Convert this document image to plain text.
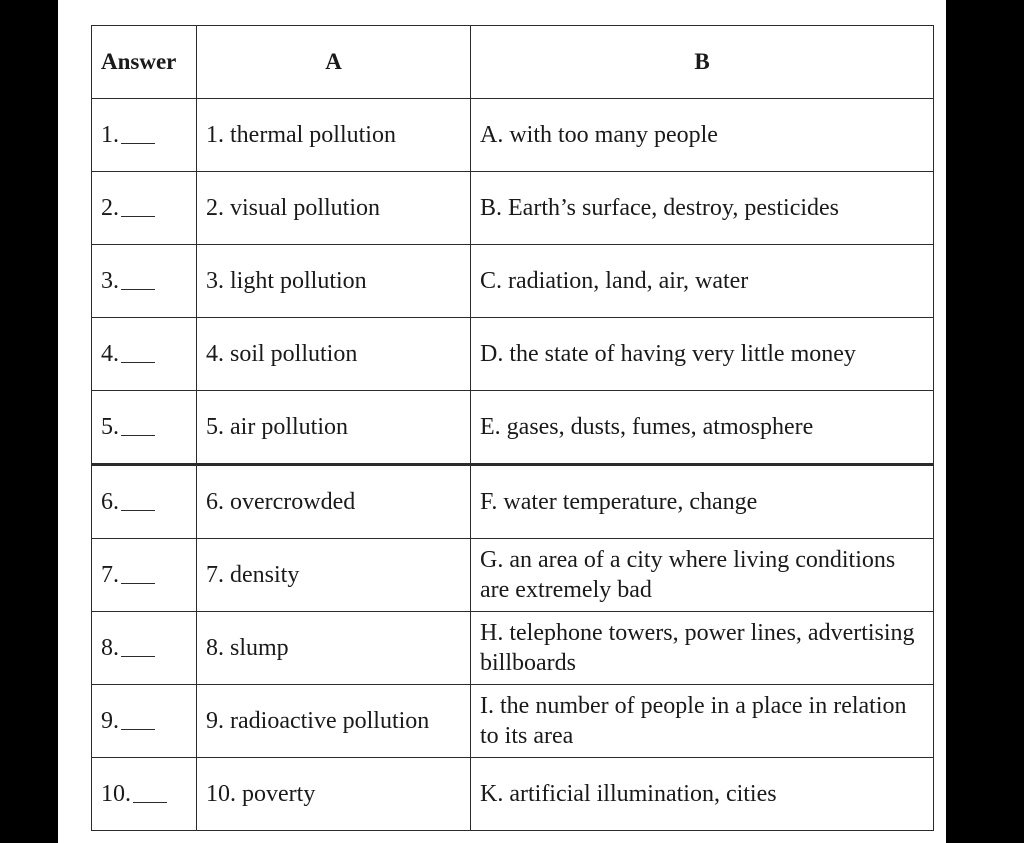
Answer	A	B
1.	1. thermal pollution	A. with too many people
2.	2. visual pollution	B. Earth’s surface, destroy, pesticides
3.	3. light pollution	C. radiation, land, air, water
4.	4. soil pollution	D. the state of having very little money
5.	5. air pollution	E. gases, dusts, fumes, atmosphere
6.	6. overcrowded	F. water temperature, change
7.	7. density	G. an area of a city where living conditions are extremely bad
8.	8. slump	H. telephone towers, power lines, advertising billboards
9.	9. radioactive pollution	I. the number of people in a place in relation to its area
10.	10. poverty	K. artificial illumination, cities
